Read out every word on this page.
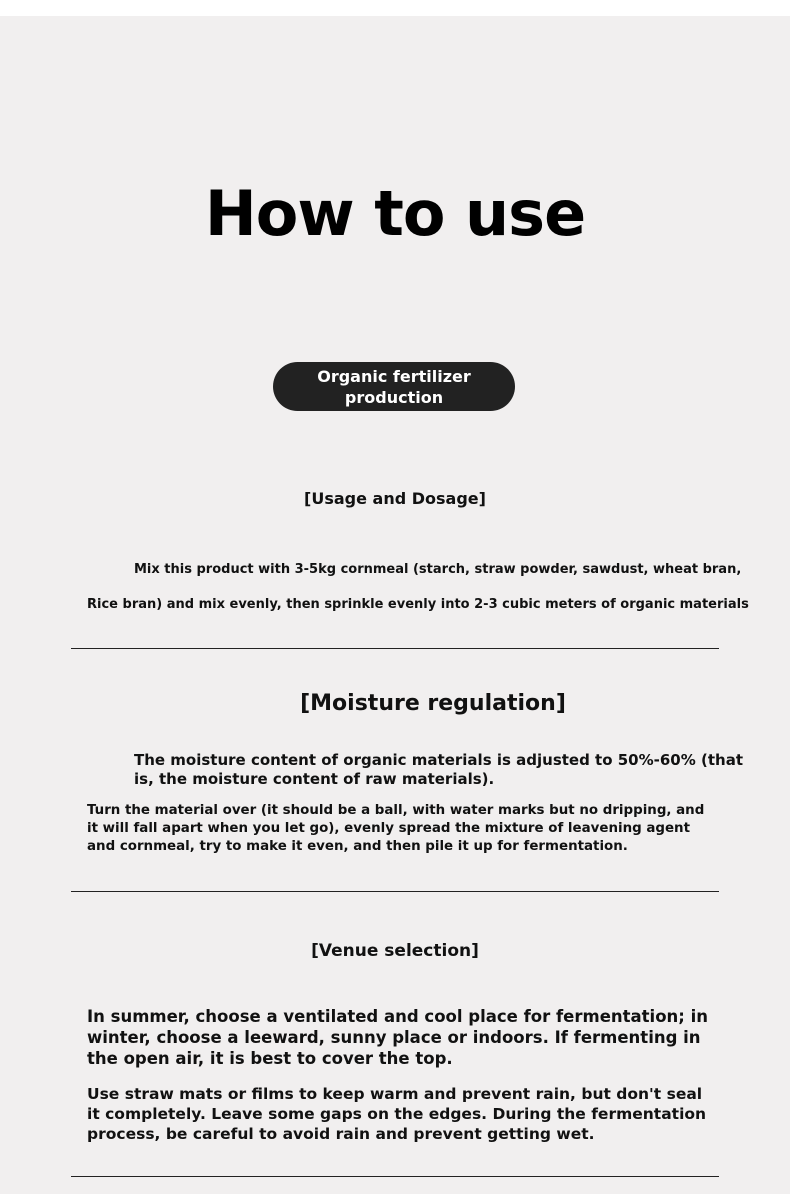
How to use
Organic fertilizer production
[Usage and Dosage]

Mix this product with 3-5kg cornmeal (starch, straw powder, sawdust, wheat bran,

Rice bran) and mix evenly, then sprinkle evenly into 2-3 cubic meters of organic materials

[Moisture regulation]

The moisture content of organic materials is adjusted to 50%-60% (that is, the moisture content of raw materials).

Turn the material over (it should be a ball, with water marks but no dripping, and it will fall apart when you let go), evenly spread the mixture of leavening agent and cornmeal, try to make it even, and then pile it up for fermentation.

[Venue selection]

In summer, choose a ventilated and cool place for fermentation; in winter, choose a leeward, sunny place or indoors. If fermenting in the open air, it is best to cover the top.

Use straw mats or films to keep warm and prevent rain, but don't seal it completely. Leave some gaps on the edges. During the fermentation process, be careful to avoid rain and prevent getting wet.
